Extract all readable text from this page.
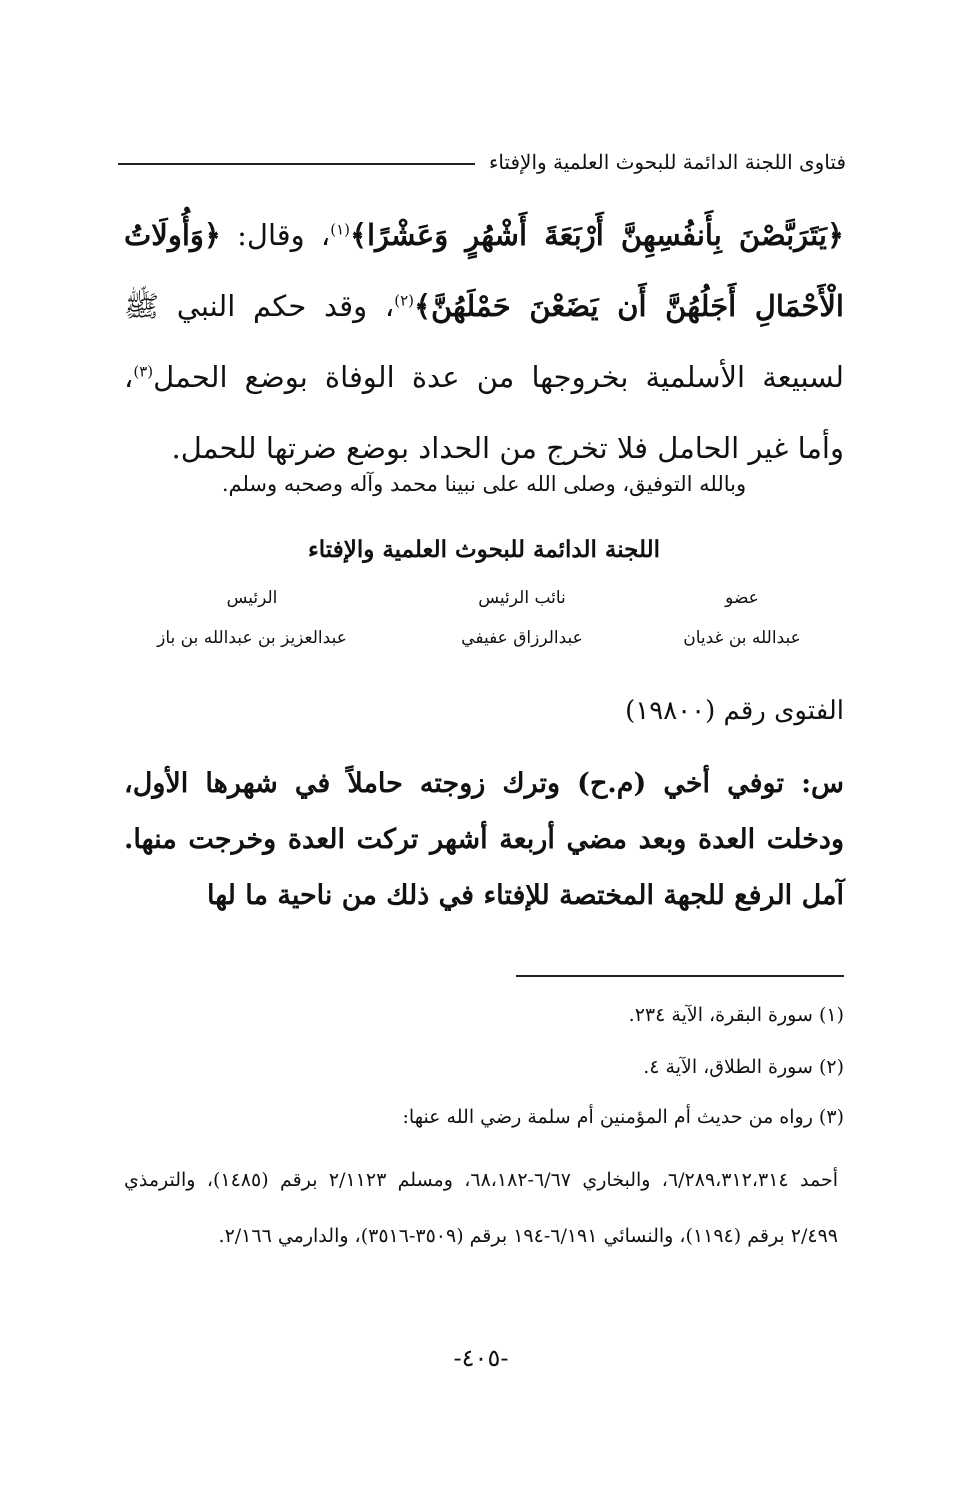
فتاوى اللجنة الدائمة للبحوث العلمية والإفتاء
﴿يَتَرَبَّصْنَ بِأَنفُسِهِنَّ أَرْبَعَةَ أَشْهُرٍ وَعَشْرًا﴾$^{(١)}$، وقال: ﴿وَأُولَاتُ الْأَحْمَالِ أَجَلُهُنَّ أَن يَضَعْنَ حَمْلَهُنَّ﴾$^{(٢)}$، وقد حكم النبي ﷺ لسبيعة الأسلمية بخروجها من عدة الوفاة بوضع الحمل$^{(٣)}$، وأما غير الحامل فلا تخرج من الحداد بوضع ضرتها للحمل.
وبالله التوفيق، وصلى الله على نبينا محمد وآله وصحبه وسلم.
اللجنة الدائمة للبحوث العلمية والإفتاء
عضو
عبدالله بن غديان
نائب الرئيس
عبدالرزاق عفيفي
الرئيس
عبدالعزيز بن عبدالله بن باز
الفتوى رقم (١٩٨٠٠)
س: توفي أخي (م.ح) وترك زوجته حاملاً في شهرها الأول، ودخلت العدة وبعد مضي أربعة أشهر تركت العدة وخرجت منها. آمل الرفع للجهة المختصة للإفتاء في ذلك من ناحية ما لها
(١) سورة البقرة، الآية ٢٣٤.
(٢) سورة الطلاق، الآية ٤.
(٣) رواه من حديث أم المؤمنين أم سلمة رضي الله عنها:
أحمد ٦/٢٨٩،٣١٢،٣١٤، والبخاري ٦/٦٧-٦٨،١٨٢، ومسلم ٢/١١٢٣ برقم (١٤٨٥)، والترمذي ٢/٤٩٩ برقم (١١٩٤)، والنسائي ٦/١٩١-١٩٤ برقم (٣٥٠٩-٣٥١٦)، والدارمي ٢/١٦٦.
-٤٠٥-
